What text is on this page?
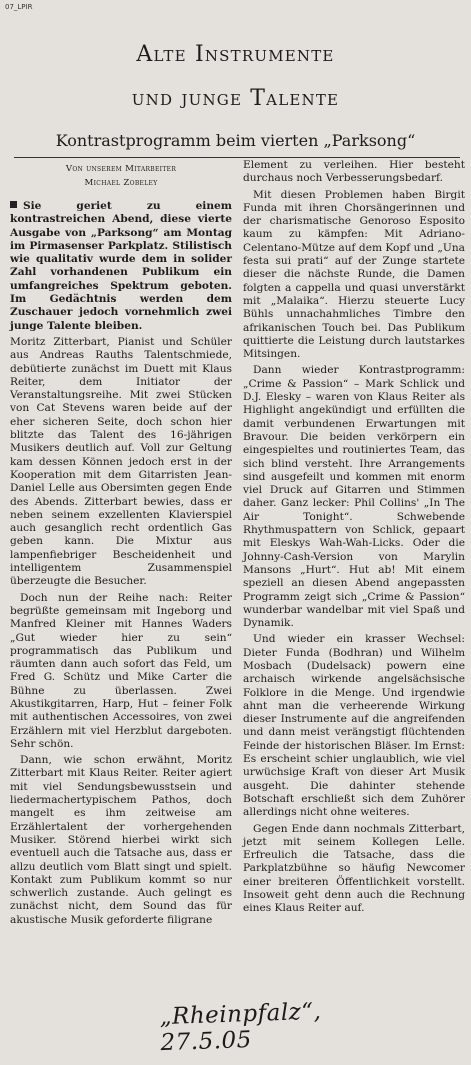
07_LPIR
Alte Instrumente
und junge Talente
Kontrastprogramm beim vierten „Parksong“
Von unserem Mitarbeiter
Michael Zobeley

Sie geriet zu einem kontrastreichen Abend, diese vierte Ausgabe von „Parksong“ am Montag im Pirmasenser Parkplatz. Stilistisch wie qualitativ wurde dem in solider Zahl vorhandenen Publikum ein umfangreiches Spektrum geboten. Im Gedächtnis werden dem Zuschauer jedoch vornehmlich zwei junge Talente bleiben.

Moritz Zitterbart, Pianist und Schüler aus Andreas Rauths Talentschmiede, debütierte zunächst im Duett mit Klaus Reiter, dem Initiator der Veranstaltungsreihe. Mit zwei Stücken von Cat Stevens waren beide auf der eher sicheren Seite, doch schon hier blitzte das Talent des 16-jährigen Musikers deutlich auf. Voll zur Geltung kam dessen Können jedoch erst in der Kooperation mit dem Gitarristen Jean-Daniel Lelle aus Obersimten gegen Ende des Abends. Zitterbart bewies, dass er neben seinem exzellenten Klavierspiel auch gesanglich recht ordentlich Gas geben kann. Die Mixtur aus lampenfiebriger Bescheidenheit und intelligentem Zusammenspiel überzeugte die Besucher.

Doch nun der Reihe nach: Reiter begrüßte gemeinsam mit Ingeborg und Manfred Kleiner mit Hannes Waders „Gut wieder hier zu sein“ programmatisch das Publikum und räumten dann auch sofort das Feld, um Fred G. Schütz und Mike Carter die Bühne zu überlassen. Zwei Akustikgitarren, Harp, Hut – feiner Folk mit authentischen Accessoires, von zwei Erzählern mit viel Herzblut dargeboten. Sehr schön.

Dann, wie schon erwähnt, Moritz Zitterbart mit Klaus Reiter. Reiter agiert mit viel Sendungsbewusstsein und liedermachertypischem Pathos, doch mangelt es ihm zeitweise am Erzählertalent der vorhergehenden Musiker. Störend hierbei wirkt sich eventuell auch die Tatsache aus, dass er allzu deutlich vom Blatt singt und spielt. Kontakt zum Publikum kommt so nur schwerlich zustande. Auch gelingt es zunächst nicht, dem Sound das für akustische Musik geforderte filigrane

Element zu verleihen. Hier besteht durchaus noch Verbesserungsbedarf.

Mit diesen Problemen haben Birgit Funda mit ihren Chorsängerinnen und der charismatische Genoroso Esposito kaum zu kämpfen: Mit Adriano-Celentano-Mütze auf dem Kopf und „Una festa sui prati“ auf der Zunge startete dieser die nächste Runde, die Damen folgten a cappella und quasi unverstärkt mit „Malaika“. Hierzu steuerte Lucy Bühls unnachahmliches Timbre den afrikanischen Touch bei. Das Publikum quittierte die Leistung durch lautstarkes Mitsingen.

Dann wieder Kontrastprogramm: „Crime & Passion“ – Mark Schlick und D.J. Elesky – waren von Klaus Reiter als Highlight angekündigt und erfüllten die damit verbundenen Erwartungen mit Bravour. Die beiden verkörpern ein eingespieltes und routiniertes Team, das sich blind versteht. Ihre Arrangements sind ausgefeilt und kommen mit enorm viel Druck auf Gitarren und Stimmen daher. Ganz lecker: Phil Collins' „In The Air Tonight“. Schwebende Rhythmuspattern von Schlick, gepaart mit Eleskys Wah-Wah-Licks. Oder die Johnny-Cash-Version von Marylin Mansons „Hurt“. Hut ab! Mit einem speziell an diesen Abend angepassten Programm zeigt sich „Crime & Passion“ wunderbar wandelbar mit viel Spaß und Dynamik.

Und wieder ein krasser Wechsel: Dieter Funda (Bodhran) und Wilhelm Mosbach (Dudelsack) powern eine archaisch wirkende angelsächsische Folklore in die Menge. Und irgendwie ahnt man die verheerende Wirkung dieser Instrumente auf die angreifenden und dann meist verängstigt flüchtenden Feinde der historischen Bläser. Im Ernst: Es erscheint schier unglaublich, wie viel urwüchsige Kraft von dieser Art Musik ausgeht. Die dahinter stehende Botschaft erschließt sich dem Zuhörer allerdings nicht ohne weiteres.

Gegen Ende dann nochmals Zitterbart, jetzt mit seinem Kollegen Lelle. Erfreulich die Tatsache, dass die Parkplatzbühne so häufig Newcomer einer breiteren Öffentlichkeit vorstellt. Insoweit geht denn auch die Rechnung eines Klaus Reiter auf.

„Rheinpfalz“, 27.5.05
